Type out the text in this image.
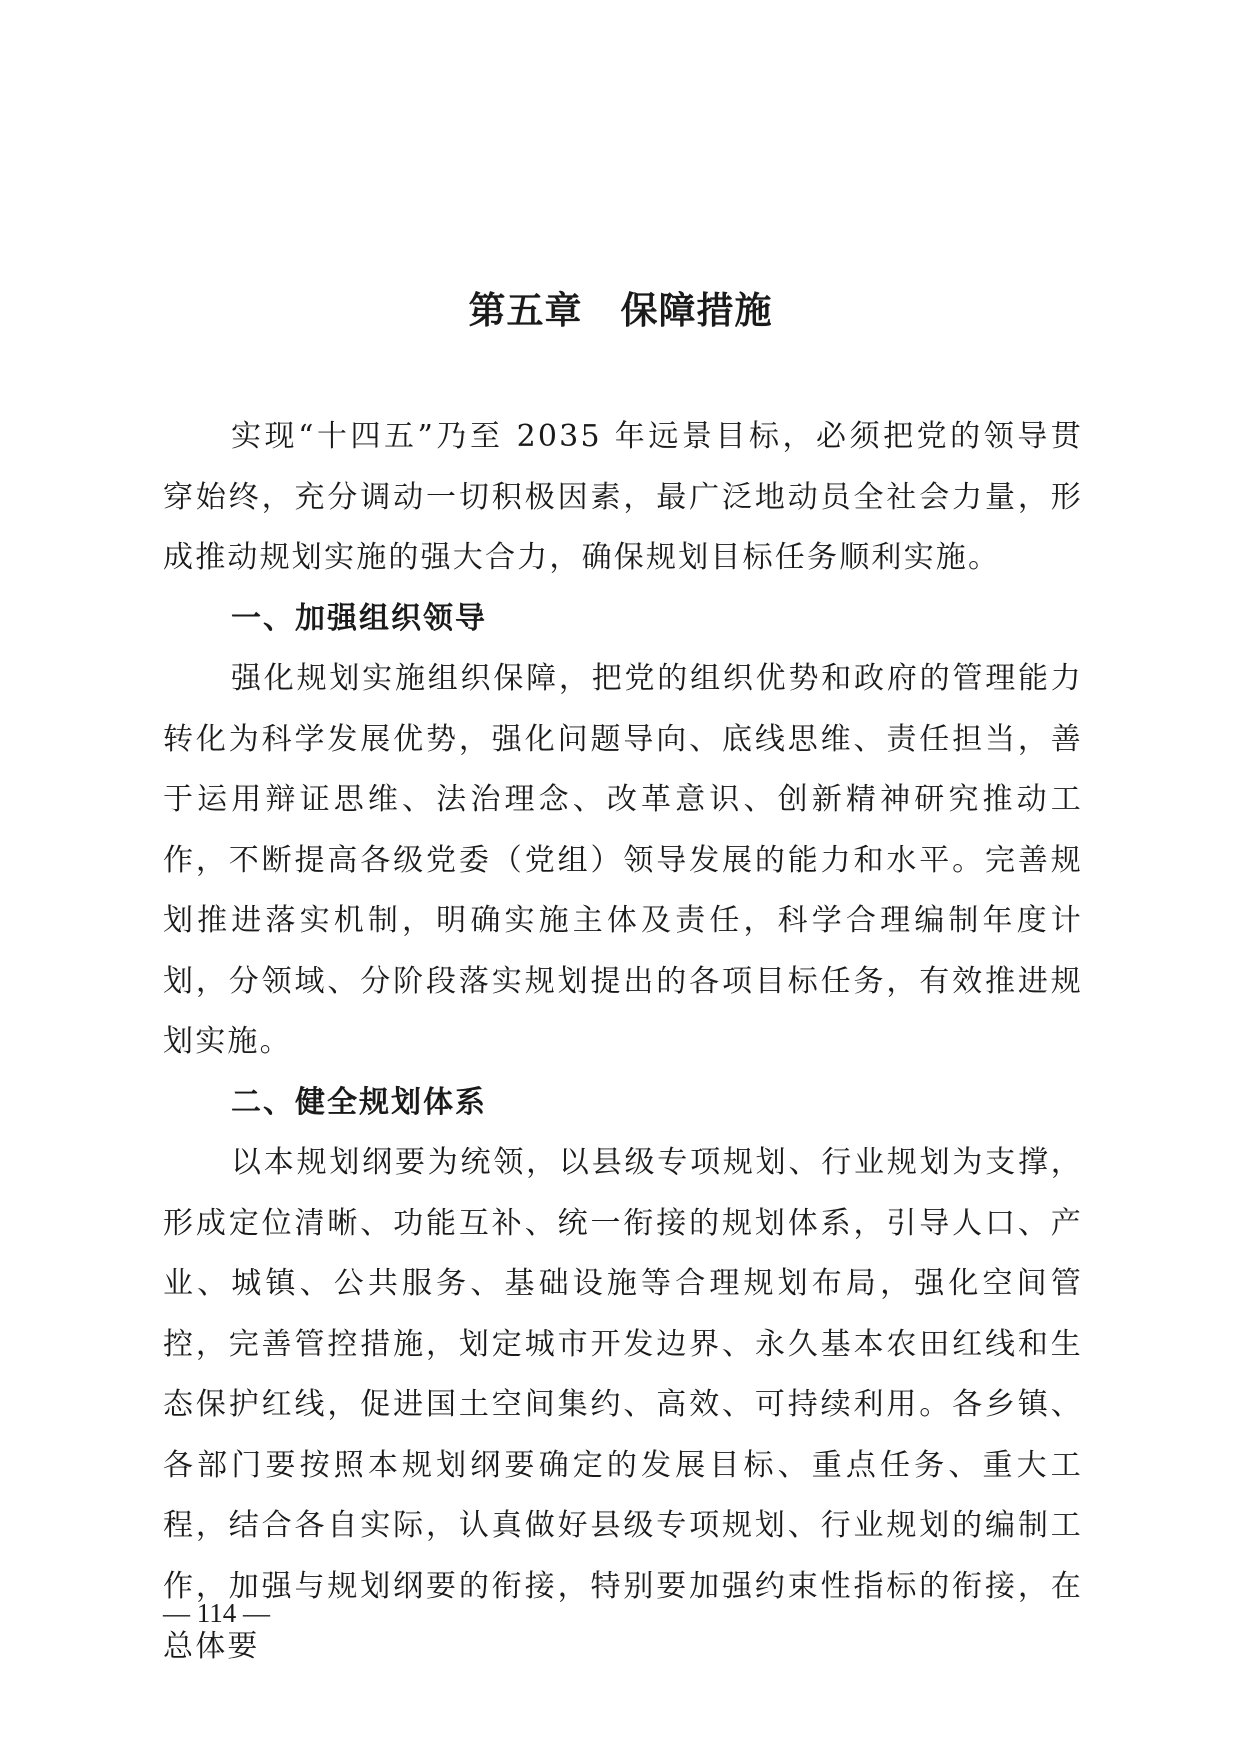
第五章 保障措施

实现“十四五”乃至 2035 年远景目标，必须把党的领导贯穿始终，充分调动一切积极因素，最广泛地动员全社会力量，形成推动规划实施的强大合力，确保规划目标任务顺利实施。

一、加强组织领导

强化规划实施组织保障，把党的组织优势和政府的管理能力转化为科学发展优势，强化问题导向、底线思维、责任担当，善于运用辩证思维、法治理念、改革意识、创新精神研究推动工作，不断提高各级党委（党组）领导发展的能力和水平。完善规划推进落实机制，明确实施主体及责任，科学合理编制年度计划，分领域、分阶段落实规划提出的各项目标任务，有效推进规划实施。

二、健全规划体系

以本规划纲要为统领，以县级专项规划、行业规划为支撑，形成定位清晰、功能互补、统一衔接的规划体系，引导人口、产业、城镇、公共服务、基础设施等合理规划布局，强化空间管控，完善管控措施，划定城市开发边界、永久基本农田红线和生态保护红线，促进国土空间集约、高效、可持续利用。各乡镇、各部门要按照本规划纲要确定的发展目标、重点任务、重大工程，结合各自实际，认真做好县级专项规划、行业规划的编制工作，加强与规划纲要的衔接，特别要加强约束性指标的衔接，在总体要

— 114 —
